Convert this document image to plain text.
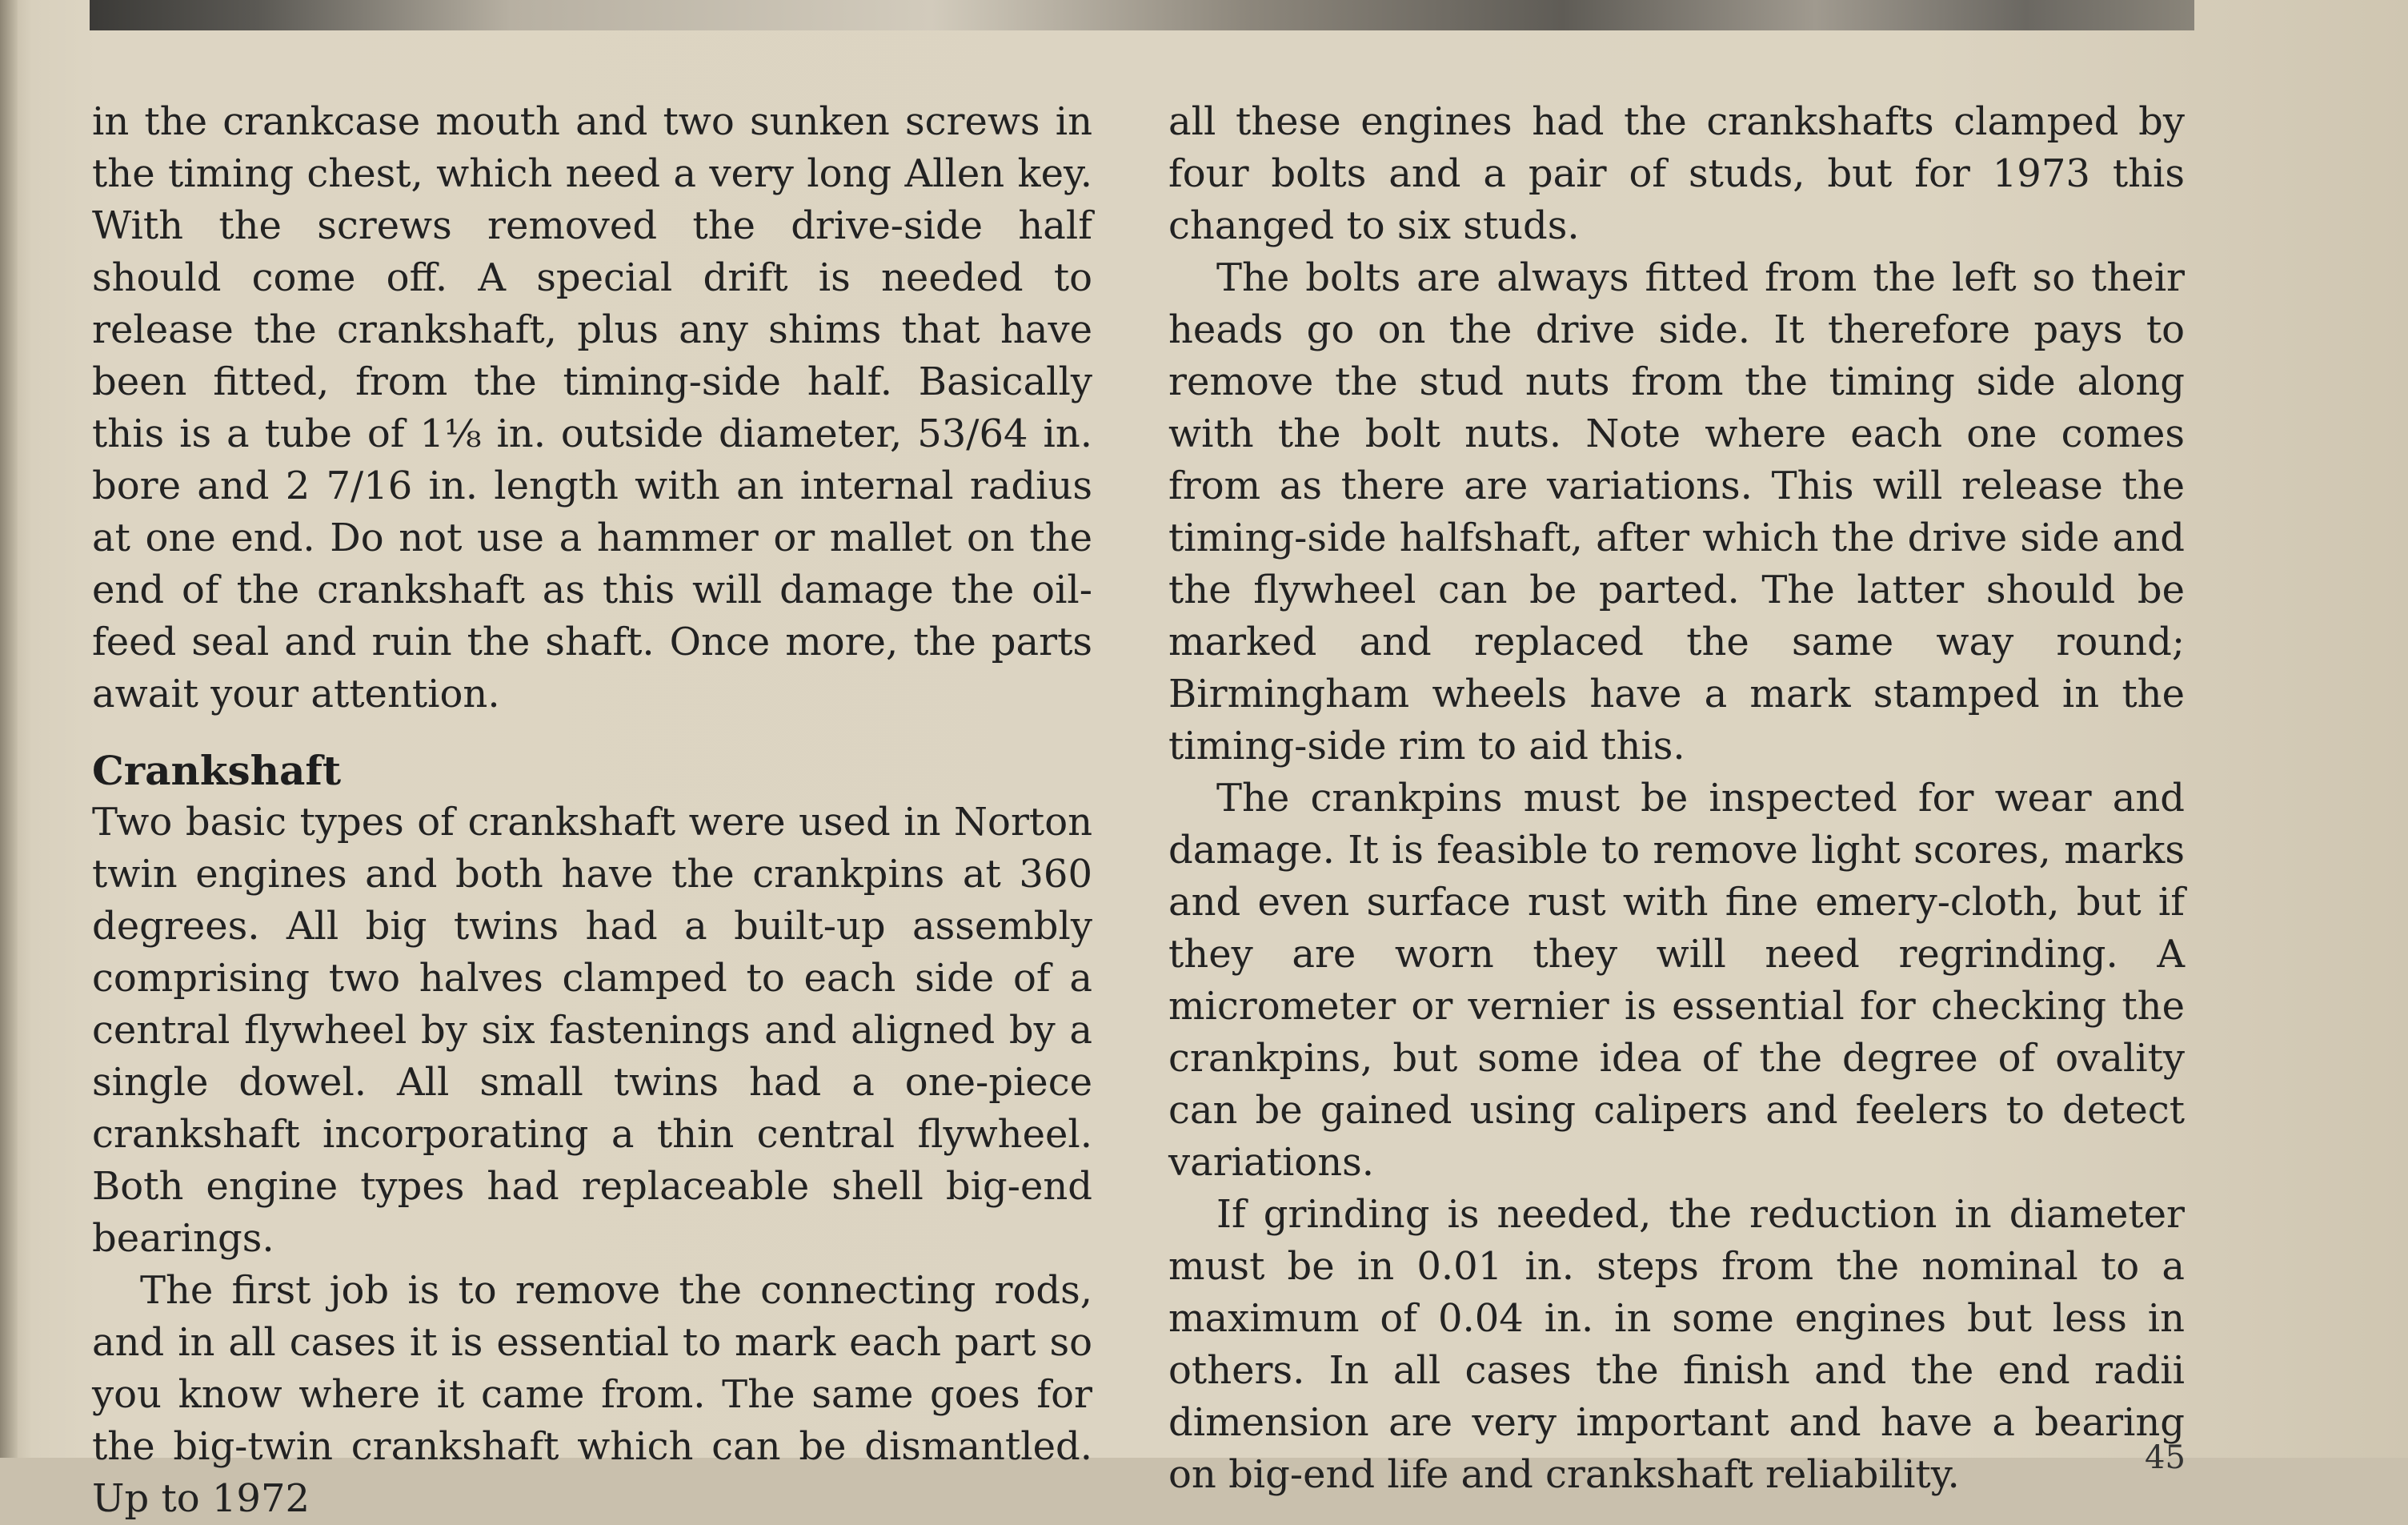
in the crankcase mouth and two sunken screws in the timing chest, which need a very long Allen key. With the screws removed the drive-side half should come off. A special drift is needed to release the crankshaft, plus any shims that have been fitted, from the timing-side half. Basically this is a tube of 1⅛ in. outside diameter, 53/64 in. bore and 2 7/16 in. length with an internal radius at one end. Do not use a hammer or mallet on the end of the crankshaft as this will damage the oil-feed seal and ruin the shaft. Once more, the parts await your attention.

Crankshaft

Two basic types of crankshaft were used in Norton twin engines and both have the crankpins at 360 degrees. All big twins had a built-up assembly comprising two halves clamped to each side of a central flywheel by six fastenings and aligned by a single dowel. All small twins had a one-piece crankshaft incorporating a thin central flywheel. Both engine types had replaceable shell big-end bearings.

The first job is to remove the connecting rods, and in all cases it is essential to mark each part so you know where it came from. The same goes for the big-twin crankshaft which can be dismantled. Up to 1972

all these engines had the crankshafts clamped by four bolts and a pair of studs, but for 1973 this changed to six studs.

The bolts are always fitted from the left so their heads go on the drive side. It therefore pays to remove the stud nuts from the timing side along with the bolt nuts. Note where each one comes from as there are variations. This will release the timing-side halfshaft, after which the drive side and the flywheel can be parted. The latter should be marked and replaced the same way round; Birmingham wheels have a mark stamped in the timing-side rim to aid this.

The crankpins must be inspected for wear and damage. It is feasible to remove light scores, marks and even surface rust with fine emery-cloth, but if they are worn they will need regrinding. A micrometer or vernier is essential for checking the crankpins, but some idea of the degree of ovality can be gained using calipers and feelers to detect variations.

If grinding is needed, the reduction in diameter must be in 0.01 in. steps from the nominal to a maximum of 0.04 in. in some engines but less in others. In all cases the finish and the end radii dimension are very important and have a bearing on big-end life and crankshaft reliability.	45
